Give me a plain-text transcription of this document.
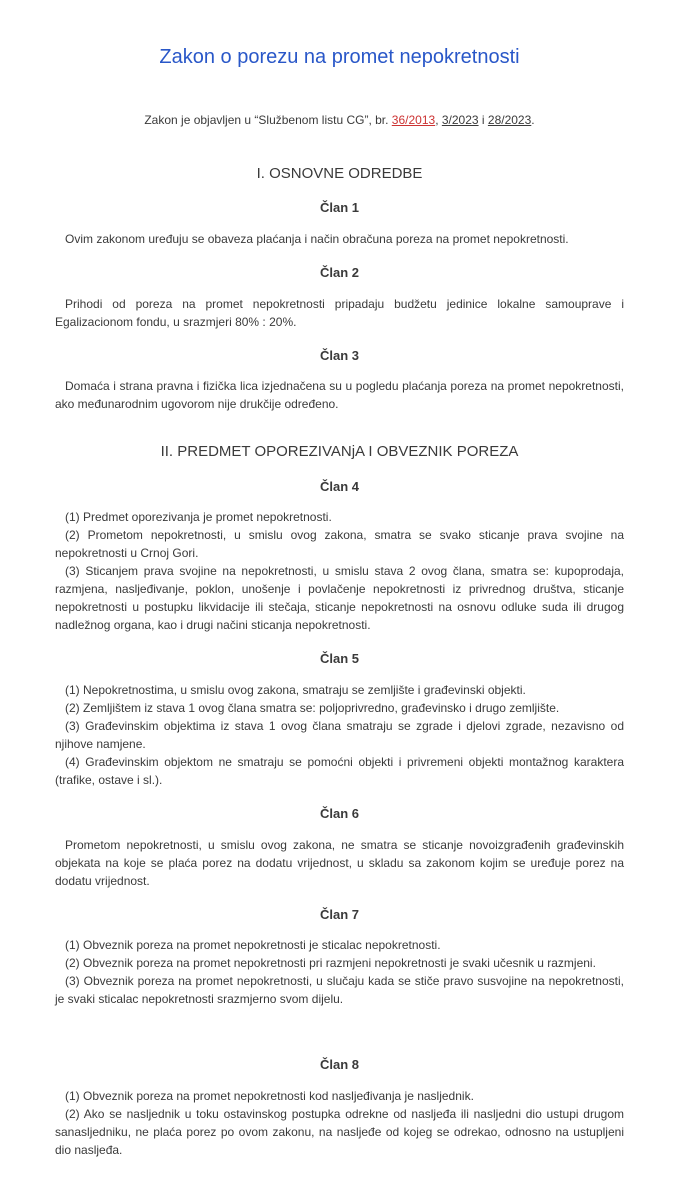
Zakon o porezu na promet nepokretnosti

Zakon je objavljen u “Službenom listu CG”, br. 36/2013, 3/2023 i 28/2023.

I. OSNOVNE ODREDBE
Član 1

Ovim zakonom uređuju se obaveza plaćanja i način obračuna poreza na promet nepokretnosti.

Član 2

Prihodi od poreza na promet nepokretnosti pripadaju budžetu jedinice lokalne samouprave i Egalizacionom fondu, u srazmjeri 80% : 20%.

Član 3

Domaća i strana pravna i fizička lica izjednačena su u pogledu plaćanja poreza na promet nepokretnosti, ako međunarodnim ugovorom nije drukčije određeno.

II. PREDMET OPOREZIVANjA I OBVEZNIK POREZA
Član 4

(1) Predmet oporezivanja je promet nepokretnosti.

(2) Prometom nepokretnosti, u smislu ovog zakona, smatra se svako sticanje prava svojine na nepokretnosti u Crnoj Gori.

(3) Sticanjem prava svojine na nepokretnosti, u smislu stava 2 ovog člana, smatra se: kupoprodaja, razmjena, nasljeđivanje, poklon, unošenje i povlačenje nepokretnosti iz privrednog društva, sticanje nepokretnosti u postupku likvidacije ili stečaja, sticanje nepokretnosti na osnovu odluke suda ili drugog nadležnog organa, kao i drugi načini sticanja nepokretnosti.

Član 5

(1) Nepokretnostima, u smislu ovog zakona, smatraju se zemljište i građevinski objekti.

(2) Zemljištem iz stava 1 ovog člana smatra se: poljoprivredno, građevinsko i drugo zemljište.

(3) Građevinskim objektima iz stava 1 ovog člana smatraju se zgrade i djelovi zgrade, nezavisno od njihove namjene.

(4) Građevinskim objektom ne smatraju se pomoćni objekti i privremeni objekti montažnog karaktera (trafike, ostave i sl.).

Član 6

Prometom nepokretnosti, u smislu ovog zakona, ne smatra se sticanje novoizgrađenih građevinskih objekata na koje se plaća porez na dodatu vrijednost, u skladu sa zakonom kojim se uređuje porez na dodatu vrijednost.

Član 7

(1) Obveznik poreza na promet nepokretnosti je sticalac nepokretnosti.

(2) Obveznik poreza na promet nepokretnosti pri razmjeni nepokretnosti je svaki učesnik u razmjeni.

(3) Obveznik poreza na promet nepokretnosti, u slučaju kada se stiče pravo susvojine na nepokretnosti, je svaki sticalac nepokretnosti srazmjerno svom dijelu.

Član 8

(1) Obveznik poreza na promet nepokretnosti kod nasljeđivanja je nasljednik.

(2) Ako se nasljednik u toku ostavinskog postupka odrekne od nasljeđa ili nasljedni dio ustupi drugom sanasljedniku, ne plaća porez po ovom zakonu, na nasljeđe od kojeg se odrekao, odnosno na ustupljeni dio nasljeđa.
